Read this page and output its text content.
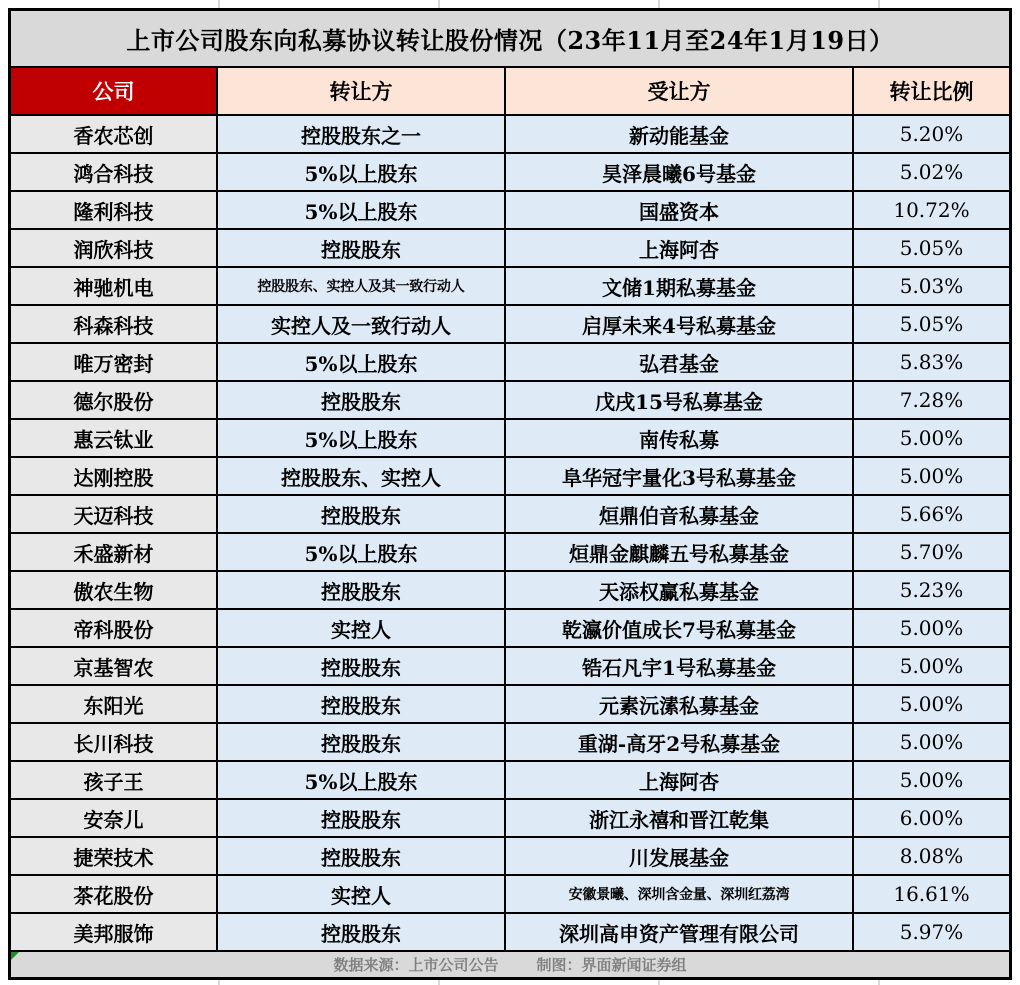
上市公司股东向私募协议转让股份情况（23年11月至24年1月19日）
公司	转让方	受让方	转让比例
香农芯创	控股股东之一	新动能基金	5.20%
鸿合科技	5%以上股东	昊泽晨曦6号基金	5.02%
隆利科技	5%以上股东	国盛资本	10.72%
润欣科技	控股股东	上海阿杏	5.05%
神驰机电	控股股东、实控人及其一致行动人	文储1期私募基金	5.03%
科森科技	实控人及一致行动人	启厚未来4号私募基金	5.05%
唯万密封	5%以上股东	弘君基金	5.83%
德尔股份	控股股东	戊戌15号私募基金	7.28%
惠云钛业	5%以上股东	南传私募	5.00%
达刚控股	控股股东、实控人	阜华冠宇量化3号私募基金	5.00%
天迈科技	控股股东	烜鼎伯音私募基金	5.66%
禾盛新材	5%以上股东	烜鼎金麒麟五号私募基金	5.70%
傲农生物	控股股东	天添权赢私募基金	5.23%
帝科股份	实控人	乾瀛价值成长7号私募基金	5.00%
京基智农	控股股东	锆石凡宇1号私募基金	5.00%
东阳光	控股股东	元素沅溸私募基金	5.00%
长川科技	控股股东	重湖-高牙2号私募基金	5.00%
孩子王	5%以上股东	上海阿杏	5.00%
安奈儿	控股股东	浙江永禧和晋江乾集	6.00%
捷荣技术	控股股东	川发展基金	8.08%
茶花股份	实控人	安徽景曦、深圳含金量、深圳红荔湾	16.61%
美邦服饰	控股股东	深圳高申资产管理有限公司	5.97%
数据来源：上市公司公告	制图：界面新闻证券组
